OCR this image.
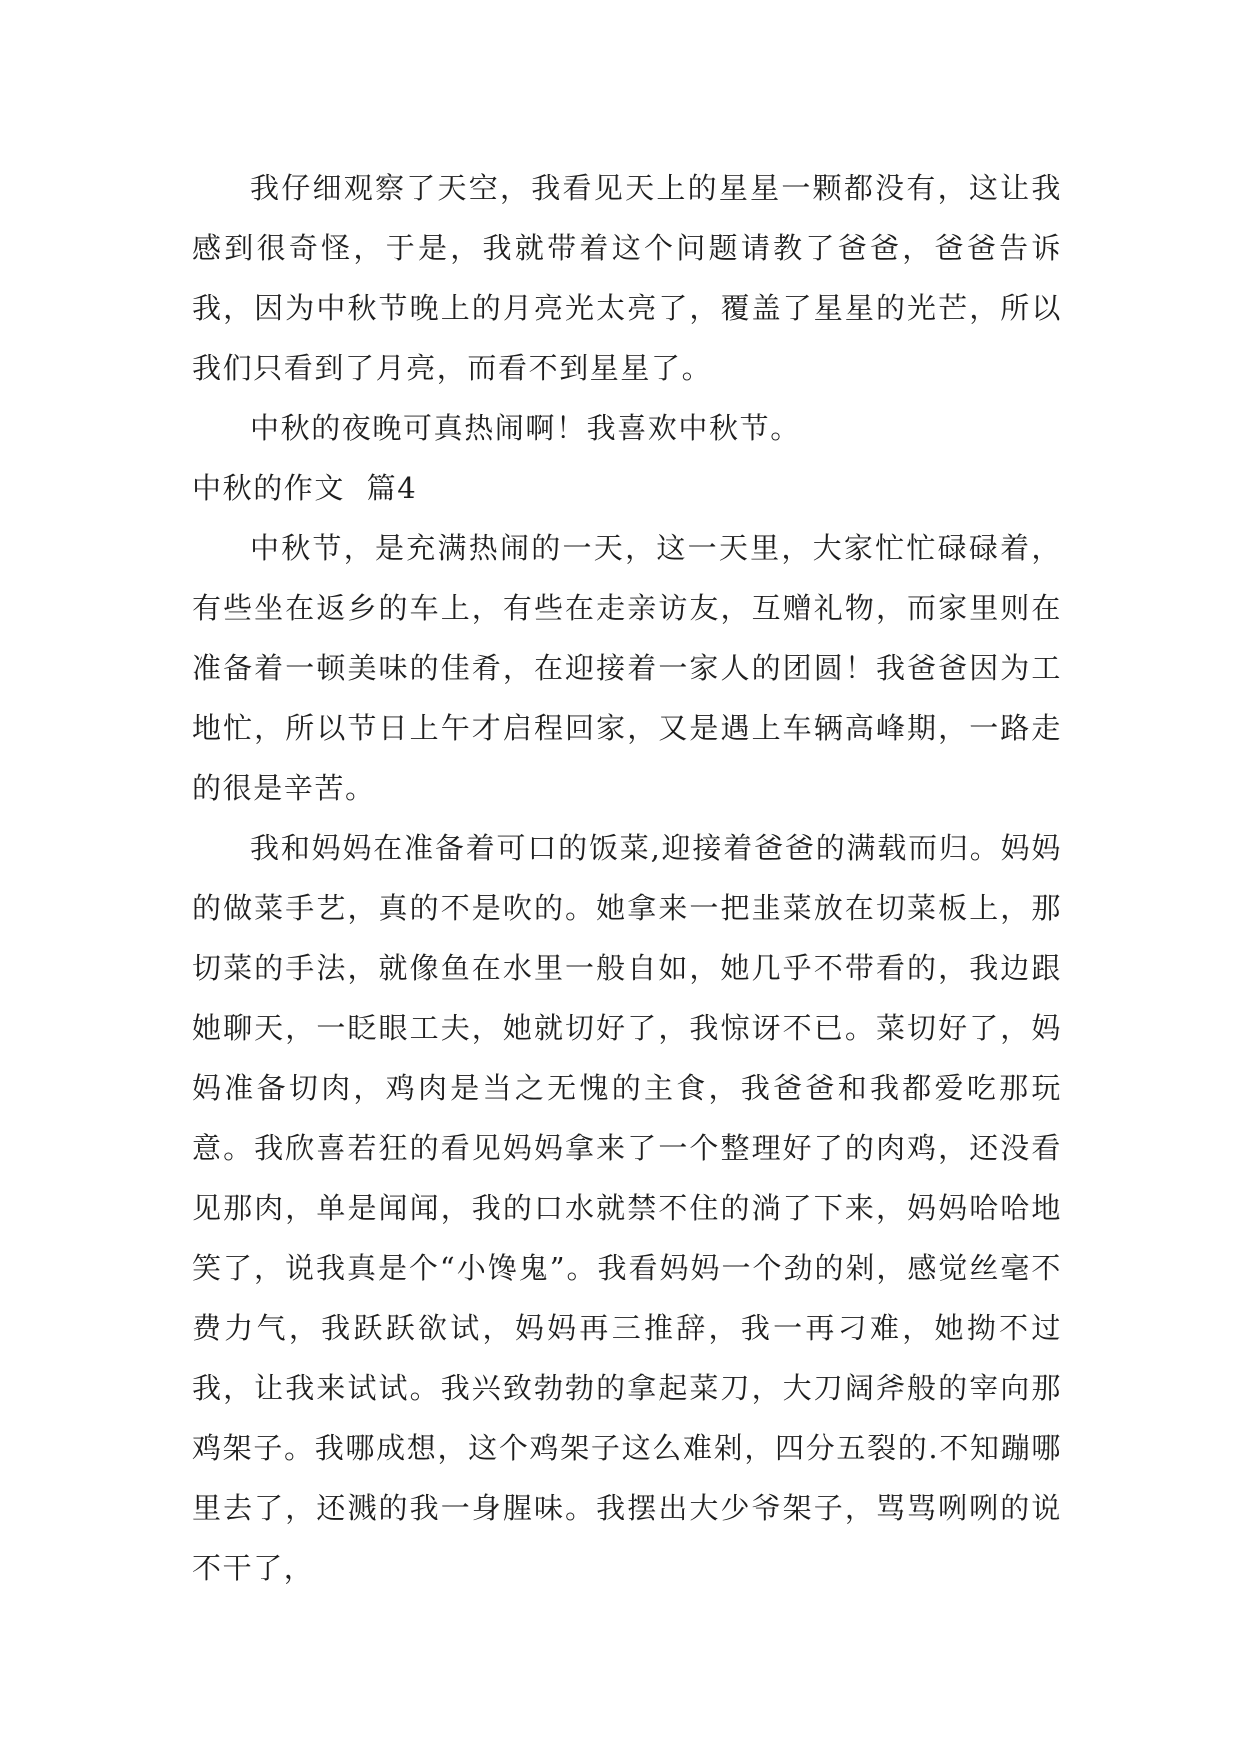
我仔细观察了天空，我看见天上的星星一颗都没有，这让我感到很奇怪，于是，我就带着这个问题请教了爸爸，爸爸告诉我，因为中秋节晚上的月亮光太亮了，覆盖了星星的光芒，所以我们只看到了月亮，而看不到星星了。

中秋的夜晚可真热闹啊！我喜欢中秋节。

中秋的作文  篇4

中秋节，是充满热闹的一天，这一天里，大家忙忙碌碌着，有些坐在返乡的车上，有些在走亲访友，互赠礼物，而家里则在准备着一顿美味的佳肴，在迎接着一家人的团圆！我爸爸因为工地忙，所以节日上午才启程回家，又是遇上车辆高峰期，一路走的很是辛苦。

我和妈妈在准备着可口的饭菜,迎接着爸爸的满载而归。妈妈的做菜手艺，真的不是吹的。她拿来一把韭菜放在切菜板上，那切菜的手法，就像鱼在水里一般自如，她几乎不带看的，我边跟她聊天，一眨眼工夫，她就切好了，我惊讶不已。菜切好了，妈妈准备切肉，鸡肉是当之无愧的主食，我爸爸和我都爱吃那玩意。我欣喜若狂的看见妈妈拿来了一个整理好了的肉鸡，还没看见那肉，单是闻闻，我的口水就禁不住的淌了下来，妈妈哈哈地笑了，说我真是个“小馋鬼”。我看妈妈一个劲的剁，感觉丝毫不费力气，我跃跃欲试，妈妈再三推辞，我一再刁难，她拗不过我，让我来试试。我兴致勃勃的拿起菜刀，大刀阔斧般的宰向那鸡架子。我哪成想，这个鸡架子这么难剁，四分五裂的.不知蹦哪里去了，还溅的我一身腥味。我摆出大少爷架子，骂骂咧咧的说不干了，
